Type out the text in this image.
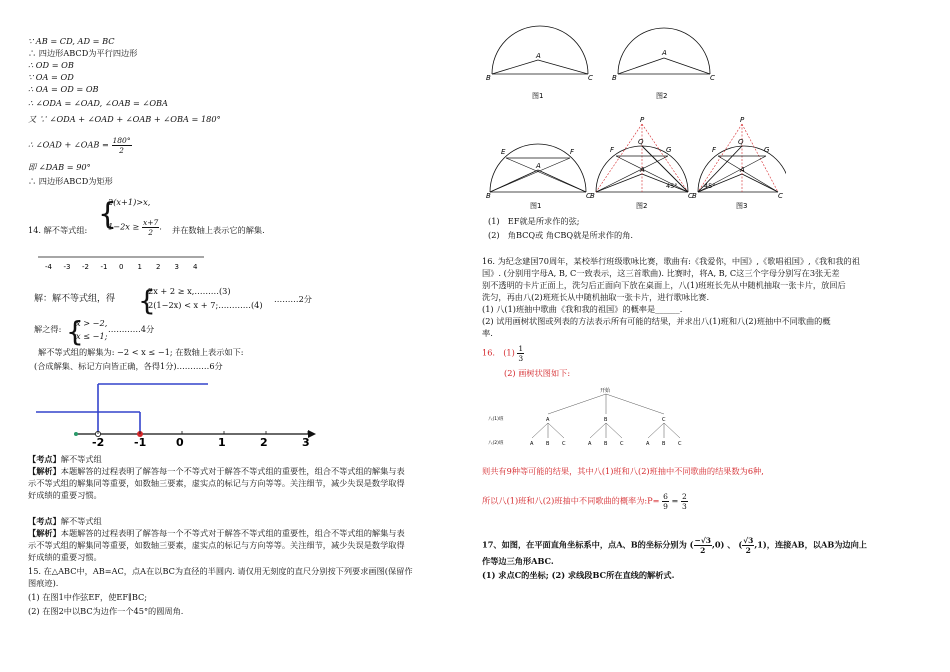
∵ AB = CD, AD = BC
∴ 四边形ABCD为平行四边形
∴ OD = OB
∵ OA = OD
∴ OA = OD = OB
∴ ∠ODA = ∠OAD, ∠OAB = ∠OBA
又 ∵ ∠ODA + ∠OAD + ∠OAB + ∠OBA = 180°
∴ ∠OAD + ∠OAB = $\frac{180^\circ}{2}$
即 ∠DAB = 90°
∴ 四边形ABCD为矩形
14. 解不等式组: {
2(x+1)>x,
$1-2x \ge \frac{x+7}{2}$ . 并在数轴上表示它的解集.
-4 -3 -2 -1 0 1 2 3 4
解：解不等式组，得 {
2x + 2 ≥ x,………(3)
2(1−2x) < x + 7;…………(4)
………2分
解之得: {
x > −2,
x ≤ −1;
…………4分
解不等式组的解集为: −2 < x ≤ −1; 在数轴上表示如下:
(合成解集、标记方向皆正确，各得1分)…………6分
-2	-1	0	1	2	3
【考点】解不等式组
【解析】本题解答的过程表明了解答每一个不等式对于解答不等式组的重要性，组合不等式组的解集与表
示不等式组的解集同等重要，如数轴三要素，虚实点的标记与方向等等。关注细节，减少失误是数学取得
好成绩的重要习惯。
【考点】解不等式组
【解析】本题解答的过程表明了解答每一个不等式对于解答不等式组的重要性，组合不等式组的解集与表
示不等式组的解集同等重要，如数轴三要素，虚实点的标记与方向等等。关注细节，减少失误是数学取得
好成绩的重要习惯。
15. 在△ABC中，AB=AC，点A在以BC为直径的半圆内. 请仅用无刻度的直尺分别按下列要求画图(保留作
图痕迹).
(1) 在图1中作弦EF，使EF∥BC;
(2) 在图2中以BC为边作一个45°的圆周角.
A
B	C
图1
A
B	C
图2
E	F
A
B	C
图1
P
F
Q
G
A
B	C
45°
图2
P
F
Q
G
A
B	C
45°
图3
(1)　EF就是所求作的弦;
(2)　角BCQ或 角CBQ就是所求作的角.
16. 为纪念建国70周年，某校举行班级歌咏比赛，歌曲有:《我爱你，中国》,《歌唱祖国》,《我和我的祖
国》. (分别用字母A, B, C一致表示，这三首歌曲). 比赛时，将A, B, C这三个字母分别写在3张无差
别不透明的卡片正面上，洗匀后正面向下放在桌面上，八(1)班班长先从中随机抽取一张卡片，放回后
洗匀，再由八(2)班班长从中随机抽取一张卡片，进行歌咏比赛.
(1) 八(1)班抽中歌曲《我和我的祖国》的概率是______.
(2) 试用画树状图或列表的方法表示所有可能的结果，并求出八(1)班和八(2)班抽中不同歌曲的概
率.
16.　$(1) \frac{1}{3}$
(2) 画树状图如下:
开始
八(1)班
八(2)班
A
A	B	C
B
A	B	C
C
A	B	C
则共有9种等可能的结果，其中八(1)班和八(2)班抽中不同歌曲的结果数为6种,
所以八(1)班和八(2)班抽中不同歌曲的概率为:P= $\frac{6}{9} = \frac{2}{3}$
17、如图，在平面直角坐标系中，点A、B的坐标分别为 ( $\frac{-√3}{2} ,0$) 、 ( $\frac{√3}{2} ,1$)，连接AB，以AB为边向上
作等边三角形ABC.
(1) 求点C的坐标; (2) 求线段BC所在直线的解析式.
